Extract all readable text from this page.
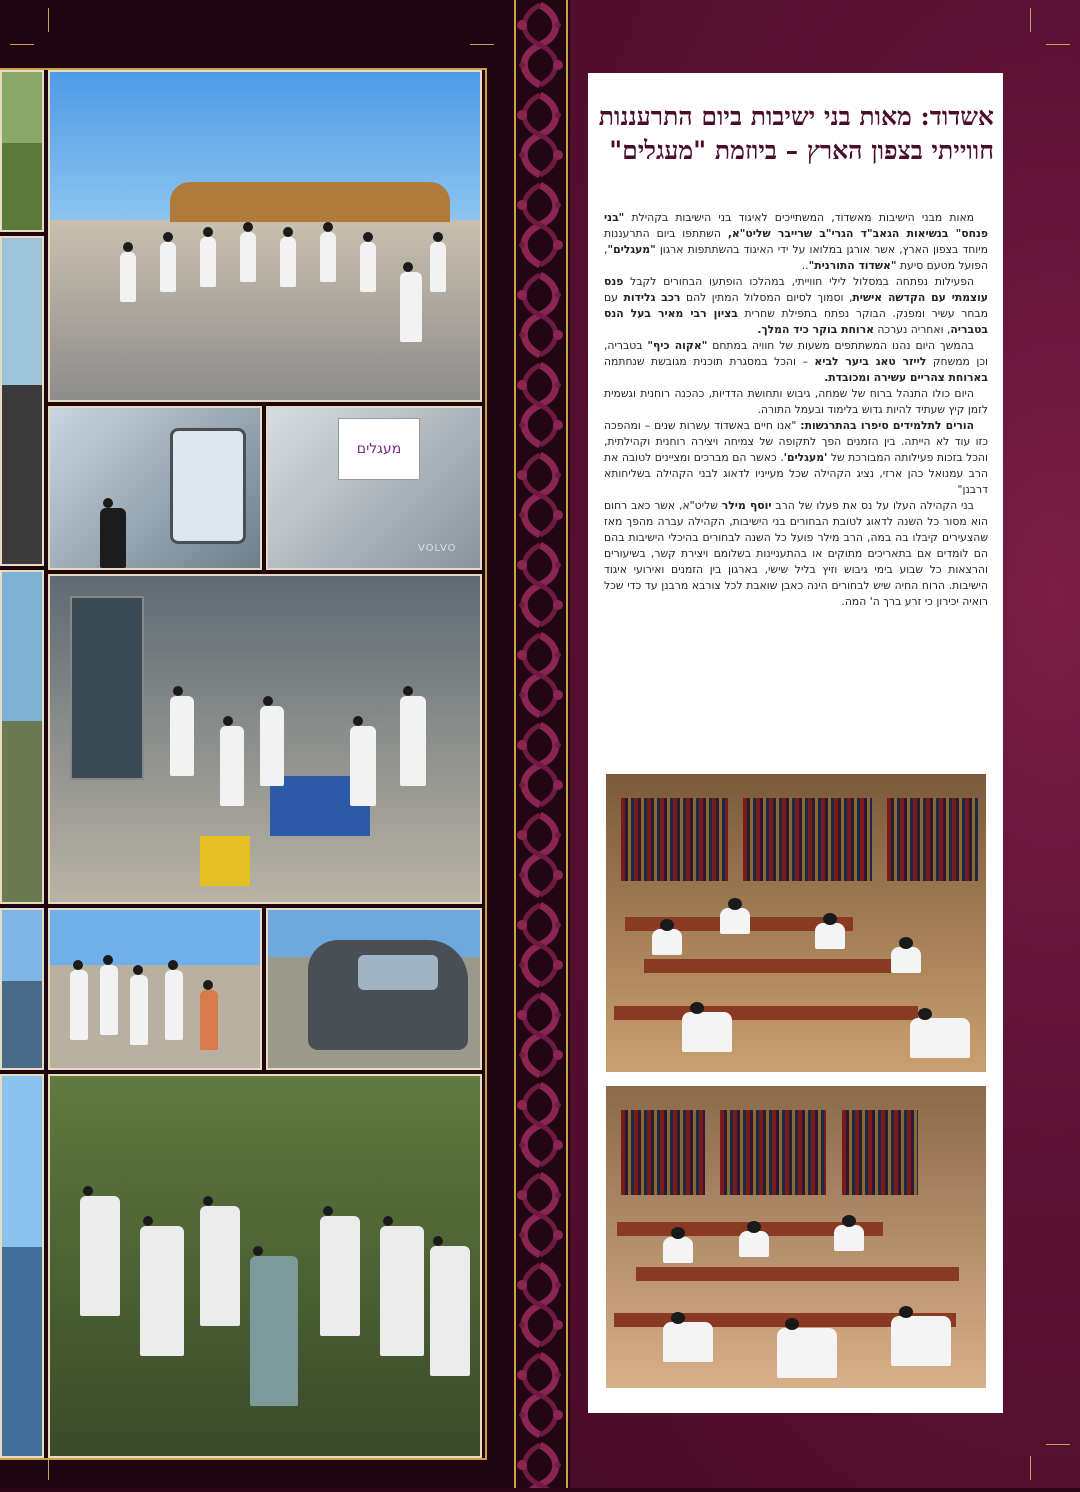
מעגלים
VOLVO
אשדוד: מאות בני ישיבות ביום התרעננות חווייתי בצפון הארץ – ביוזמת "מעגלים"

מאות מבני הישיבות מאשדוד, המשתייכים לאיגוד בני הישיבות בקהילת "בני פנחס" בנשיאות הגאב"ד הגרי"ב שרייבר שליט"א, השתתפו ביום התרעננות מיוחד בצפון הארץ, אשר אורגן במלואו על ידי האיגוד בהשתתפות ארגון "מעגלים", הפועל מטעם סיעת "אשדוד התורנית"..

הפעילות נפתחה במסלול לילי חווייתי, במהלכו הופתעו הבחורים לקבל פנס עוצמתי עם הקדשה אישית, וסמוך לסיום המסלול המתין להם רכב גלידות עם מבחר עשיר ומפנק. הבוקר נפתח בתפילת שחרית בציון רבי מאיר בעל הנס בטבריה, ואחריה נערכה ארוחת בוקר כיד המלך.

בהמשך היום נהנו המשתתפים משעות של חוויה במתחם "אקוה כיף" בטבריה, וכן ממשחק לייזר טאג ביער לביא – והכל במסגרת תוכנית מגובשת שנחתמה בארוחת צהריים עשירה ומכובדת.

היום כולו התנהל ברוח של שמחה, גיבוש ותחושת הדדיות, כהכנה רוחנית וגשמית לזמן קיץ שעתיד להיות גדוש בלימוד ובעמל התורה.

הורים לתלמידים סיפרו בהתרגשות: "אנו חיים באשדוד עשרות שנים – ומהפכה כזו עוד לא הייתה. בין הזמנים הפך לתקופה של צמיחה ויצירה רוחנית וקהילתית, והכל בזכות פעילותה המבורכת של 'מעגלים'. כאשר הם מברכים ומציינים לטובה את הרב עמנואל כהן ארזי, נציג הקהילה שכל מעייניו לדאוג לבני הקהילה בשליחותא דרבנן"

בני הקהילה העלו על נס את פעלו של הרב יוסף מילר שליט"א, אשר כאב רחום הוא מסור כל השנה לדאוג לטובת הבחורים בני הישיבות, הקהילה עברה מהפך מאז שהצעירים קיבלו בה במה, הרב מילר פועל כל השנה לבחורים בהיכלי הישיבות בהם הם לומדים אם בתאריכים מתוקים או בהתעניינות בשלומם ויצירת קשר, בשיעורים והרצאות כל שבוע בימי גיבוש וזיץ בליל שישי, בארגון בין הזמנים ואירועי איגוד הישיבות. הרוח החיה שיש לבחורים הינה כאבן שואבת לכל צורבא מרבנן עד כדי שכל רואיה יכירון כי זרע ברך ה' המה.
